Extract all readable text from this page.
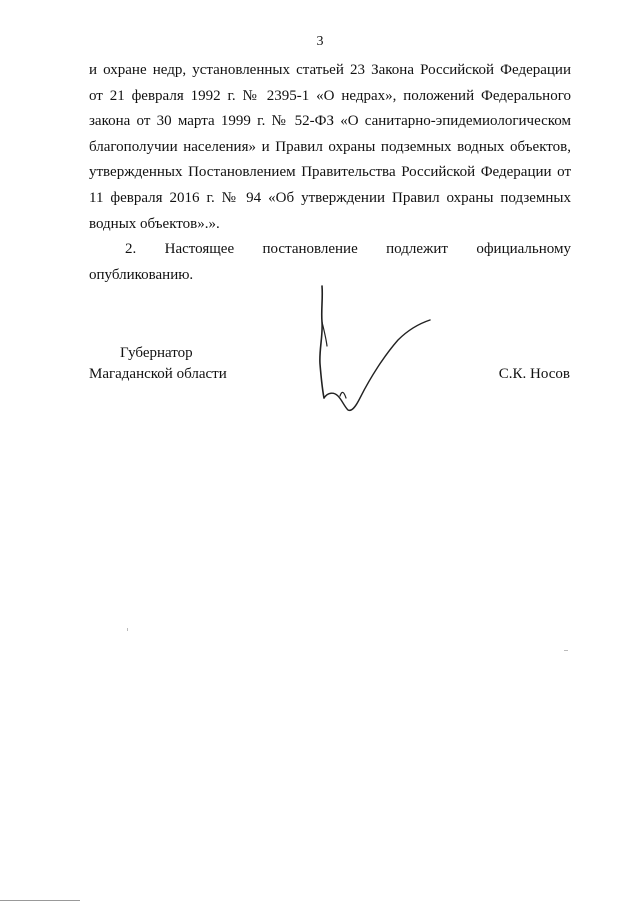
3

и охране недр, установленных статьей 23 Закона Российской Федерации
от 21 февраля 1992 г. № 2395-1 «О недрах», положений Федерального
закона от 30 марта 1999 г. № 52-ФЗ «О санитарно-эпидемиологическом
благополучии населения» и Правил охраны подземных водных объектов,
утвержденных Постановлением Правительства Российской Федерации от
11 февраля 2016 г. № 94 «Об утверждении Правил охраны подземных
водных объектов».».

2. Настоящее постановление подлежит официальному
опубликованию.

Губернатор
Магаданской области	С.К. Носов
